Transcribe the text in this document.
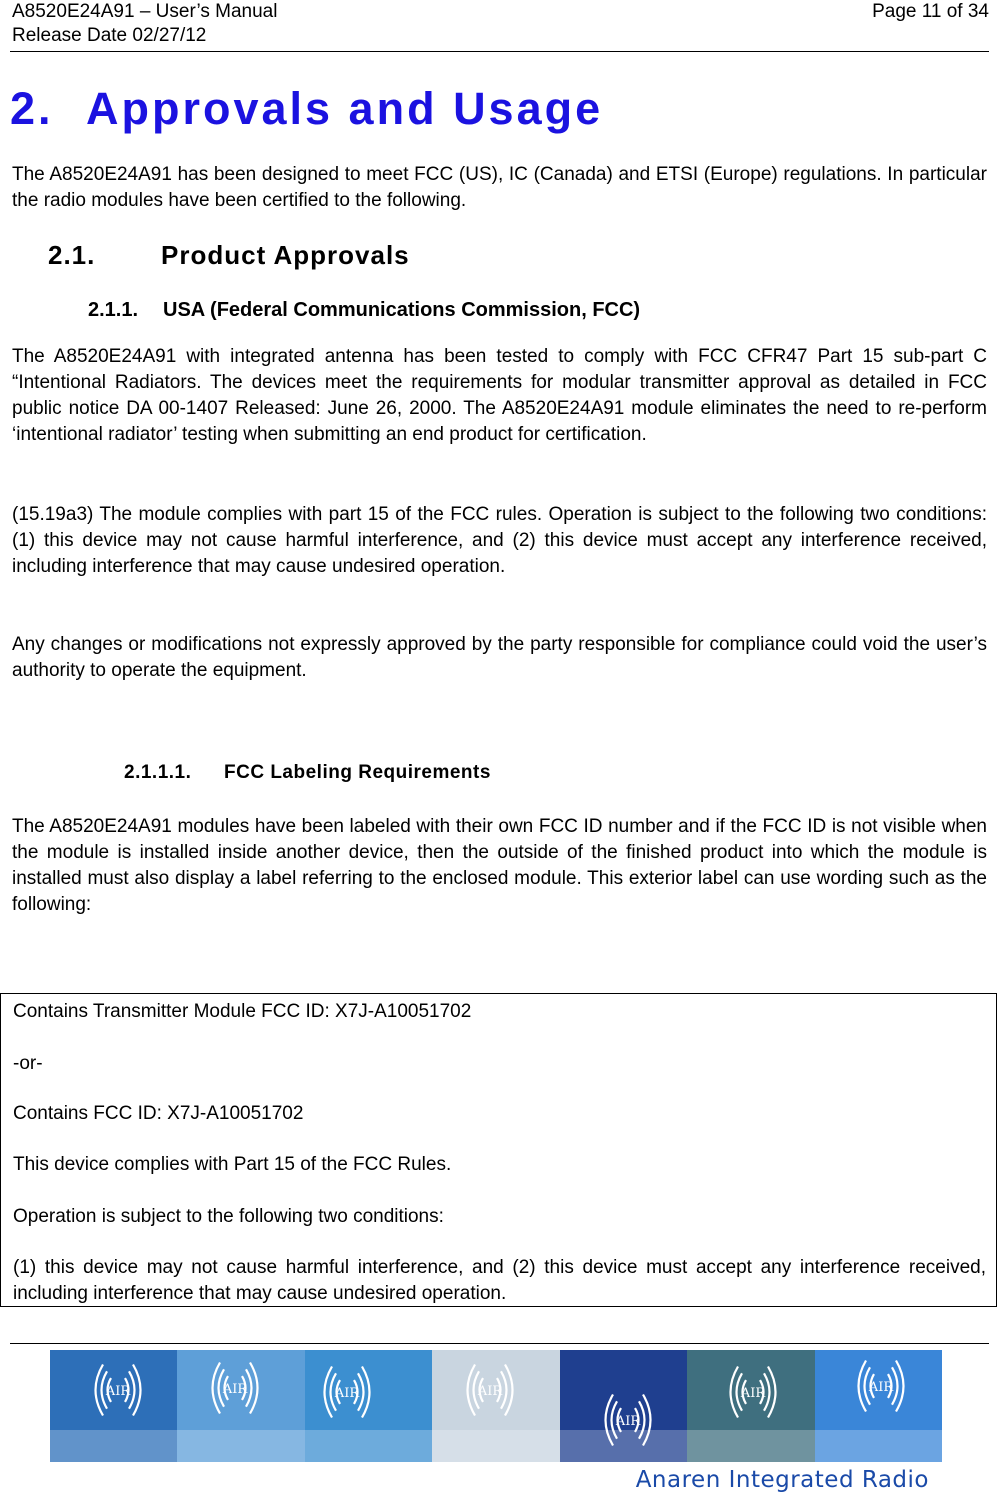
A8520E24A91 – User’s Manual
Release Date 02/27/12
Page 11 of 34
2. Approvals and Usage

The A8520E24A91 has been designed to meet FCC (US), IC (Canada) and ETSI (Europe) regulations. In particular the radio modules have been certified to the following.

2.1.	Product Approvals
2.1.1. USA (Federal Communications Commission, FCC)

The A8520E24A91 with integrated antenna has been tested to comply with FCC CFR47 Part 15 sub-part C “Intentional Radiators. The devices meet the requirements for modular transmitter approval as detailed in FCC public notice DA 00-1407 Released: June 26, 2000. The A8520E24A91 module eliminates the need to re-perform ‘intentional radiator’ testing when submitting an end product for certification.

(15.19a3) The module complies with part 15 of the FCC rules. Operation is subject to the following two conditions: (1) this device may not cause harmful interference, and (2) this device must accept any interference received, including interference that may cause undesired operation.

Any changes or modifications not expressly approved by the party responsible for compliance could void the user’s authority to operate the equipment.

2.1.1.1. FCC Labeling Requirements

The A8520E24A91 modules have been labeled with their own FCC ID number and if the FCC ID is not visible when the module is installed inside another device, then the outside of the finished product into which the module is installed must also display a label referring to the enclosed module. This exterior label can use wording such as the following:

Contains Transmitter Module FCC ID: X7J-A10051702

-or-

Contains FCC ID: X7J-A10051702

This device complies with Part 15 of the FCC Rules.

Operation is subject to the following two conditions:

(1) this device may not cause harmful interference, and (2) this device must accept any interference received, including interference that may cause undesired operation.

AIR	AIR	AIR	AIR
AIR
AIR	AIR
Anaren Integrated Radio
